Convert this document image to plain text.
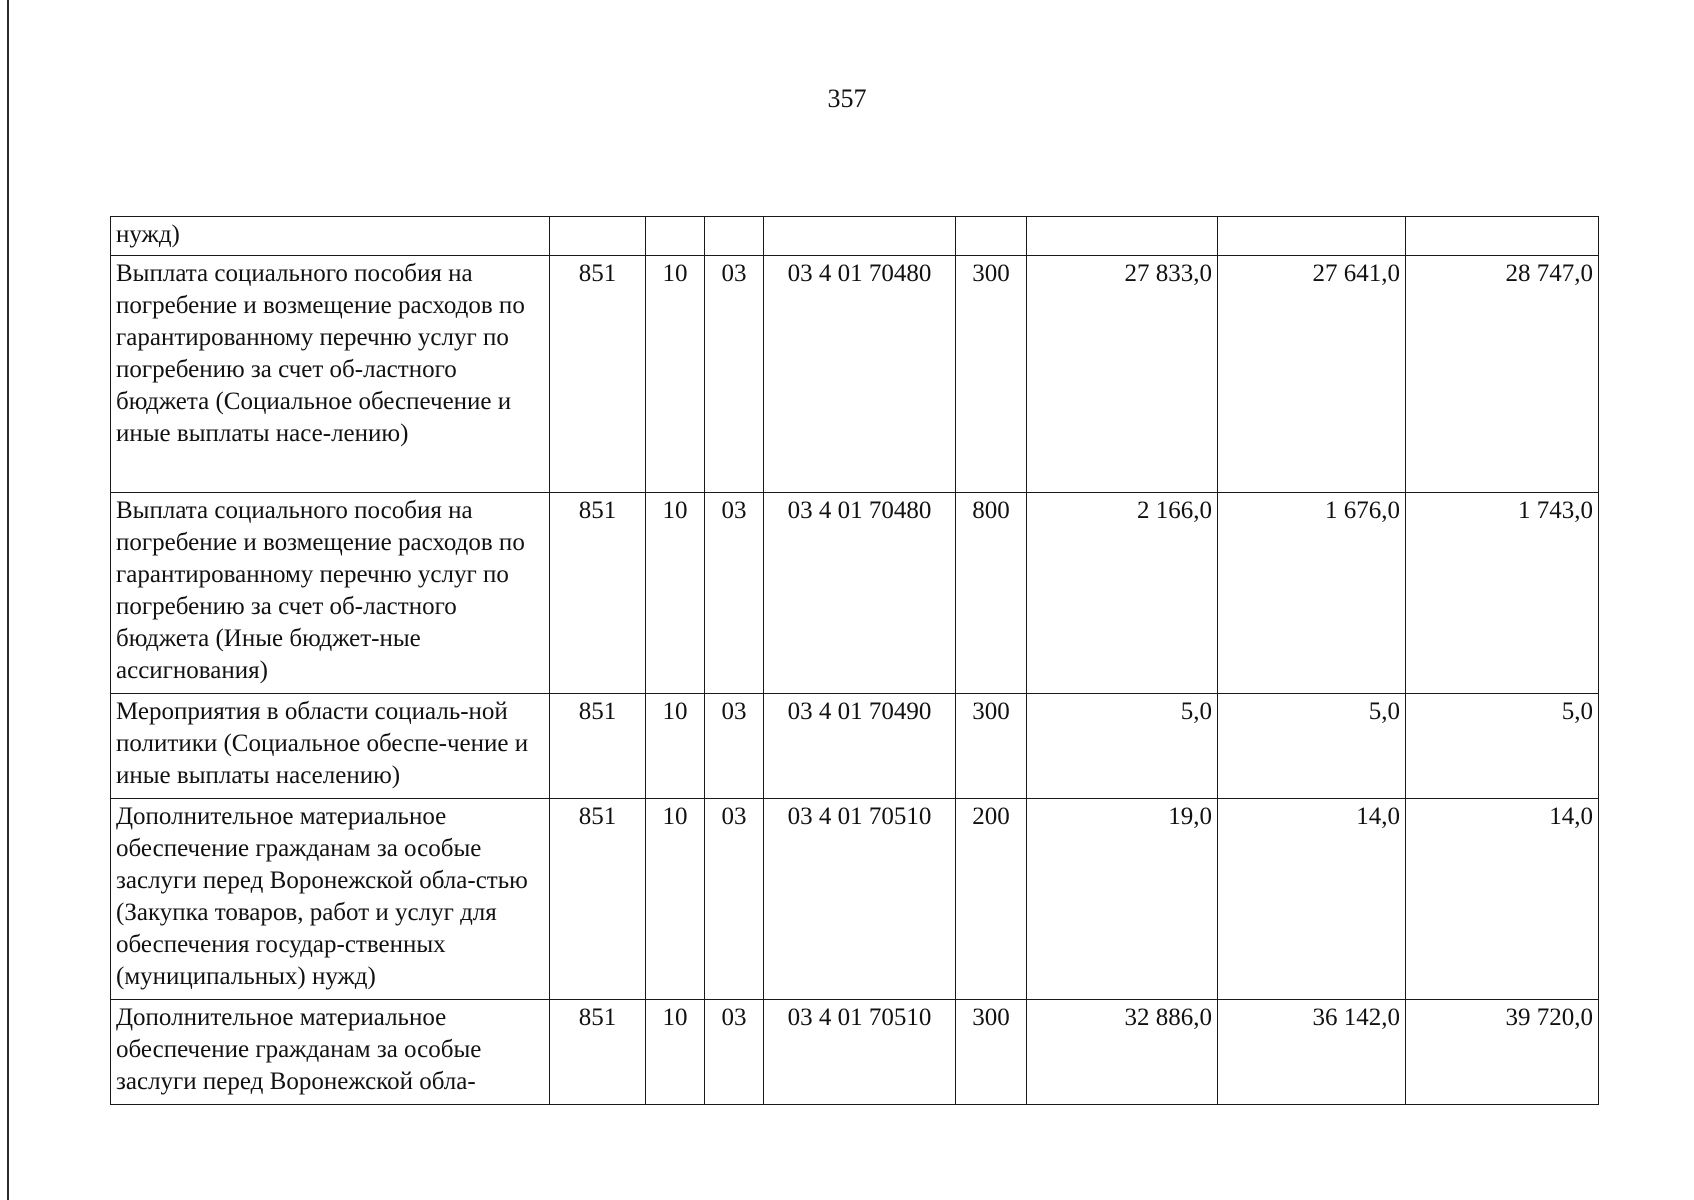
357
нужд)								
Выплата социального пособия на погребение и возмещение расходов по гарантированному перечню услуг по погребению за счет об-ластного бюджета (Социальное обеспечение и иные выплаты насе-лению)	851	10	03	03 4 01 70480	300	27 833,0	27 641,0	28 747,0
Выплата социального пособия на погребение и возмещение расходов по гарантированному перечню услуг по погребению за счет об-ластного бюджета (Иные бюджет-ные ассигнования)	851	10	03	03 4 01 70480	800	2 166,0	1 676,0	1 743,0
Мероприятия в области социаль-ной политики (Социальное обеспе-чение и иные выплаты населению)	851	10	03	03 4 01 70490	300	5,0	5,0	5,0
Дополнительное материальное обеспечение гражданам за особые заслуги перед Воронежской обла-стью (Закупка товаров, работ и услуг для обеспечения государ-ственных (муниципальных) нужд)	851	10	03	03 4 01 70510	200	19,0	14,0	14,0
Дополнительное материальное обеспечение гражданам за особые заслуги перед Воронежской обла-	851	10	03	03 4 01 70510	300	32 886,0	36 142,0	39 720,0
